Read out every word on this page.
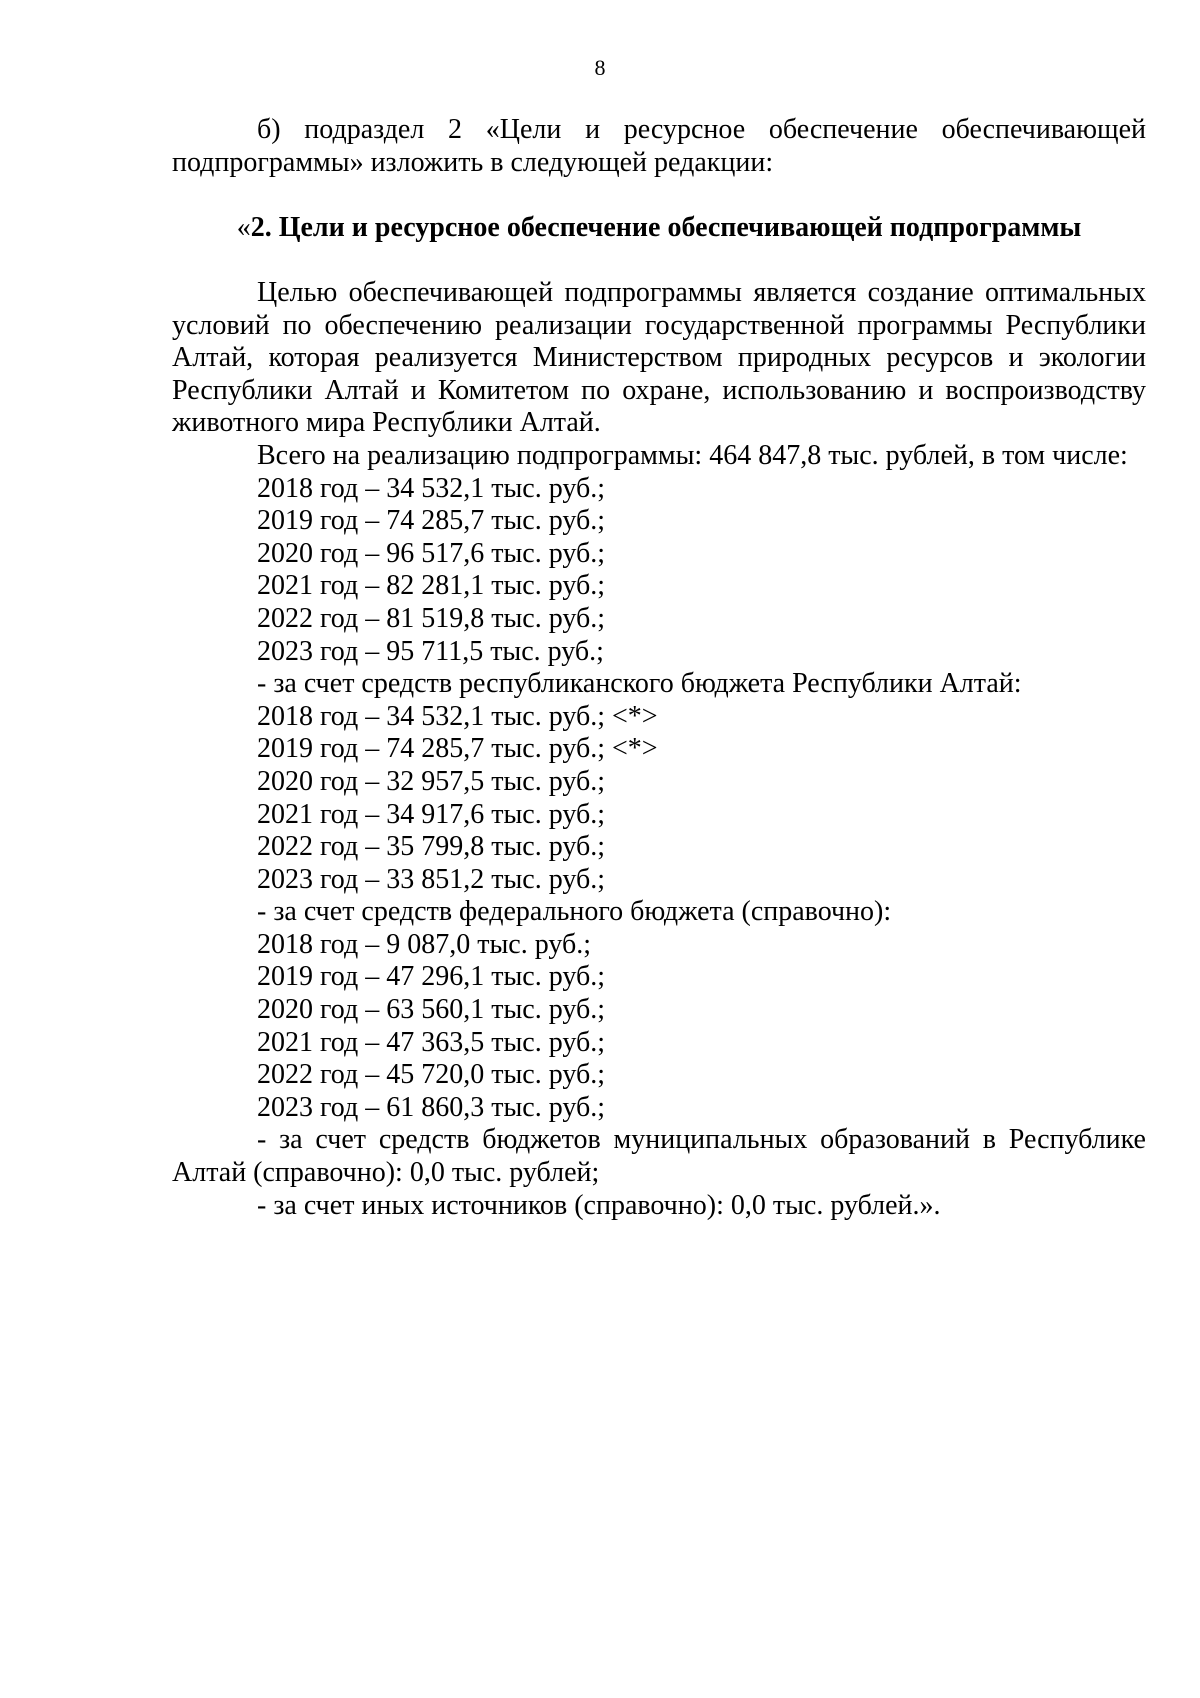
8
б) подраздел 2 «Цели и ресурсное обеспечение обеспечивающей подпрограммы» изложить в следующей редакции:
«2. Цели и ресурсное обеспечение обеспечивающей подпрограммы
Целью обеспечивающей подпрограммы является создание оптимальных условий по обеспечению реализации государственной программы Республики Алтай, которая реализуется Министерством природных ресурсов и экологии Республики Алтай и Комитетом по охране, использованию и воспроизводству животного мира Республики Алтай.
Всего на реализацию подпрограммы: 464 847,8 тыс. рублей, в том числе:
2018 год – 34 532,1 тыс. руб.;
2019 год – 74 285,7 тыс. руб.;
2020 год – 96 517,6 тыс. руб.;
2021 год – 82 281,1 тыс. руб.;
2022 год – 81 519,8 тыс. руб.;
2023 год – 95 711,5 тыс. руб.;
- за счет средств республиканского бюджета Республики Алтай:
2018 год – 34 532,1 тыс. руб.; <*>
2019 год – 74 285,7 тыс. руб.; <*>
2020 год – 32 957,5 тыс. руб.;
2021 год – 34 917,6 тыс. руб.;
2022 год – 35 799,8 тыс. руб.;
2023 год – 33 851,2 тыс. руб.;
- за счет средств федерального бюджета (справочно):
2018 год – 9 087,0 тыс. руб.;
2019 год – 47 296,1 тыс. руб.;
2020 год – 63 560,1 тыс. руб.;
2021 год – 47 363,5 тыс. руб.;
2022 год – 45 720,0 тыс. руб.;
2023 год – 61 860,3 тыс. руб.;
- за счет средств бюджетов муниципальных образований в Республике Алтай (справочно): 0,0 тыс. рублей;
- за счет иных источников (справочно): 0,0 тыс. рублей.».
